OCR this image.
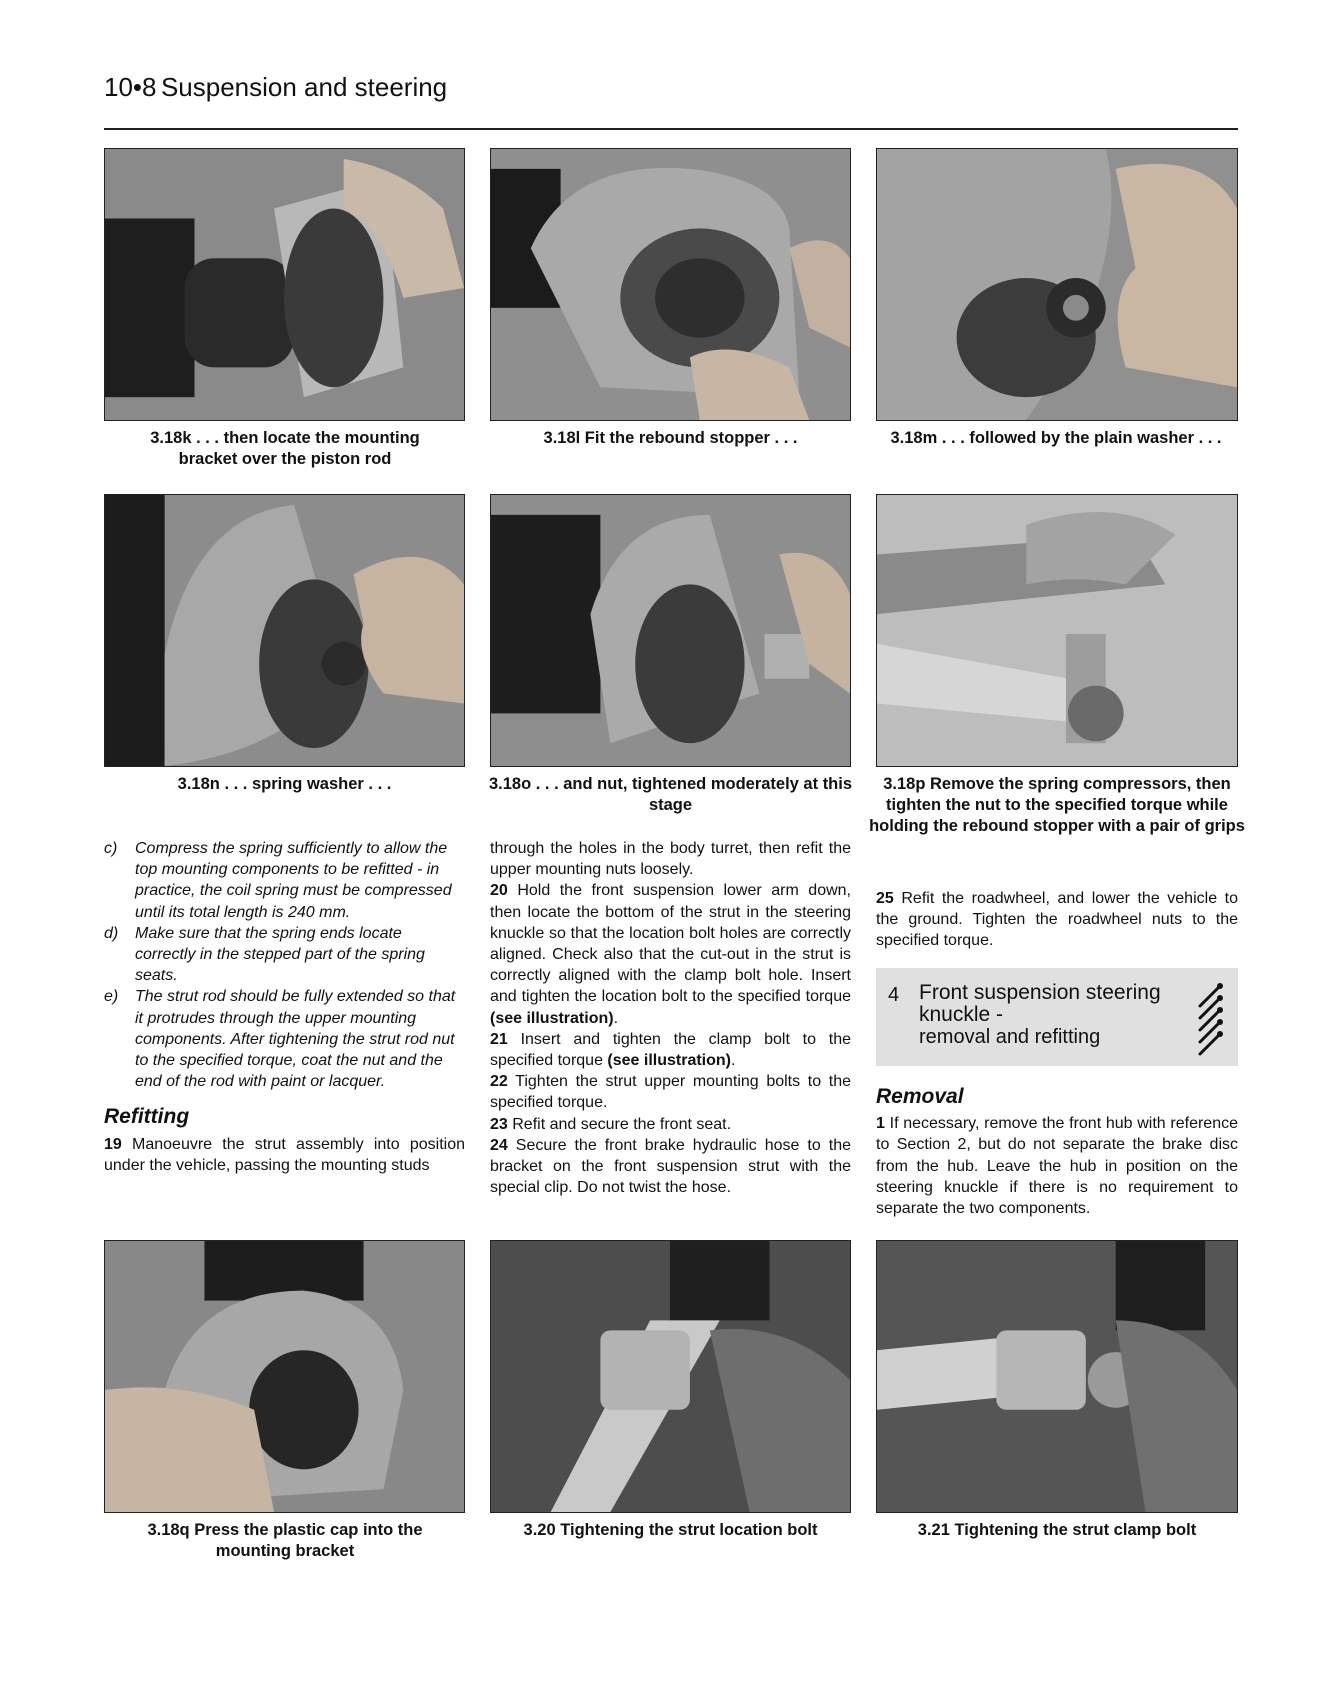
10•8 Suspension and steering
3.18k . . . then locate the mounting bracket over the piston rod
3.18l Fit the rebound stopper . . .	3.18m . . . followed by the plain washer . . .
3.18n . . . spring washer . . .	3.18o . . . and nut, tightened moderately at this stage
3.18p Remove the spring compressors, then tighten the nut to the specified torque while holding the rebound stopper with a pair of grips
c)	Compress the spring sufficiently to allow the top mounting components to be refitted - in practice, the coil spring must be compressed until its total length is 240 mm.
d)	Make sure that the spring ends locate correctly in the stepped part of the spring seats.
e)	The strut rod should be fully extended so that it protrudes through the upper mounting components. After tightening the strut rod nut to the specified torque, coat the nut and the end of the rod with paint or lacquer.
Refitting

19 Manoeuvre the strut assembly into position under the vehicle, passing the mounting studs

through the holes in the body turret, then refit the upper mounting nuts loosely.

20 Hold the front suspension lower arm down, then locate the bottom of the strut in the steering knuckle so that the location bolt holes are correctly aligned. Check also that the cut-out in the strut is correctly aligned with the clamp bolt hole. Insert and tighten the location bolt to the specified torque (see illustration).

21 Insert and tighten the clamp bolt to the specified torque (see illustration).

22 Tighten the strut upper mounting bolts to the specified torque.

23 Refit and secure the front seat.

24 Secure the front brake hydraulic hose to the bracket on the front suspension strut with the special clip. Do not twist the hose.

25 Refit the roadwheel, and lower the vehicle to the ground. Tighten the roadwheel nuts to the specified torque.

4 Front suspension steering
knuckle -
removal and refitting
Removal

1 If necessary, remove the front hub with reference to Section 2, but do not separate the brake disc from the hub. Leave the hub in position on the steering knuckle if there is no requirement to separate the two components.

3.18q Press the plastic cap into the mounting bracket
3.20 Tightening the strut location bolt	3.21 Tightening the strut clamp bolt
